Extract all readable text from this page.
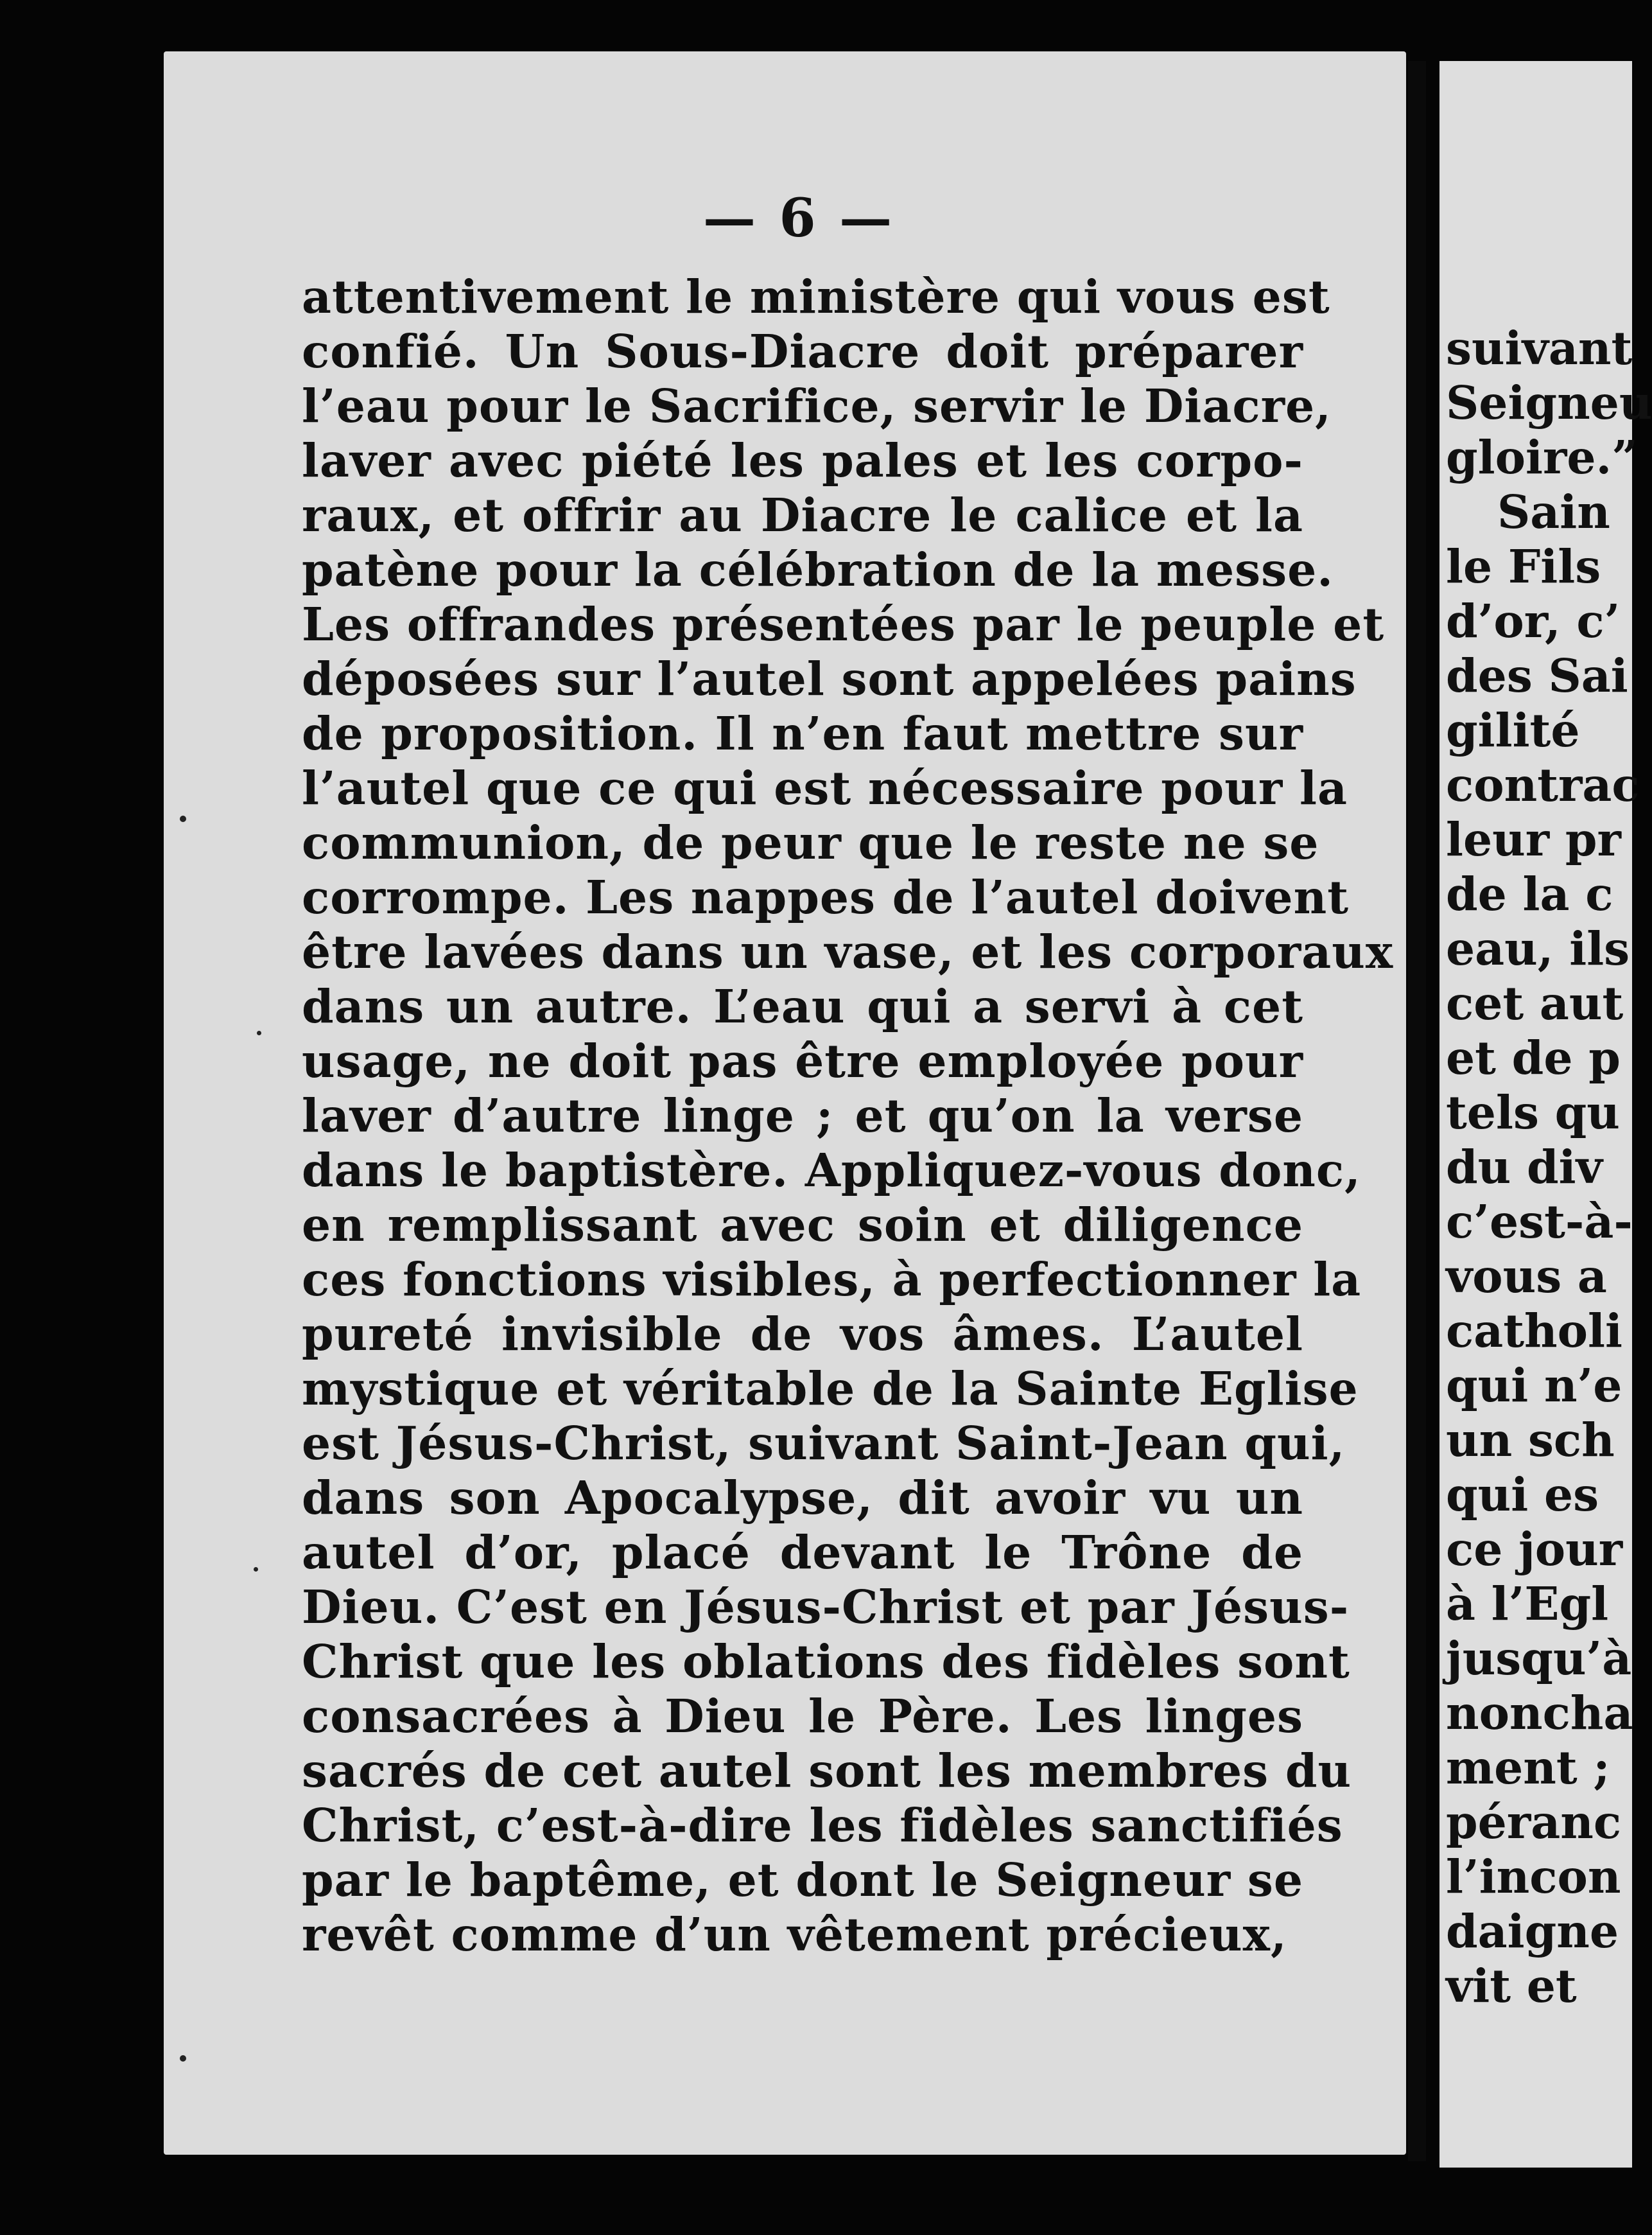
— 6 —
attentivement le ministère qui vous est
confié. Un Sous-Diacre doit préparer
l’eau pour le Sacrifice, servir le Diacre,
laver avec piété les pales et les corpo-
raux, et offrir au Diacre le calice et la
patène pour la célébration de la messe.
Les offrandes présentées par le peuple et
déposées sur l’autel sont appelées pains
de proposition. Il n’en faut mettre sur
l’autel que ce qui est nécessaire pour la
communion, de peur que le reste ne se
corrompe. Les nappes de l’autel doivent
être lavées dans un vase, et les corporaux
dans un autre. L’eau qui a servi à cet
usage, ne doit pas être employée pour
laver d’autre linge ; et qu’on la verse
dans le baptistère. Appliquez-vous donc,
en remplissant avec soin et diligence
ces fonctions visibles, à perfectionner la
pureté invisible de vos âmes. L’autel
mystique et véritable de la Sainte Eglise
est Jésus-Christ, suivant Saint-Jean qui,
dans son Apocalypse, dit avoir vu un
autel d’or, placé devant le Trône de
Dieu. C’est en Jésus-Christ et par Jésus-
Christ que les oblations des fidèles sont
consacrées à Dieu le Père. Les linges
sacrés de cet autel sont les membres du
Christ, c’est-à-dire les fidèles sanctifiés
par le baptême, et dont le Seigneur se
revêt comme d’un vêtement précieux,
suivant
Seigneu
gloire.”
Sain
le Fils
d’or, c’
des Sai
gilité
contrac
leur pr
de la c
eau, ils
cet aut
et de p
tels qu
du div
c’est-à-
vous a
catholi
qui n’e
un sch
qui es
ce jour
à l’Egl
jusqu’à
noncha
ment ;
péranc
l’incon
daigne
vit et
